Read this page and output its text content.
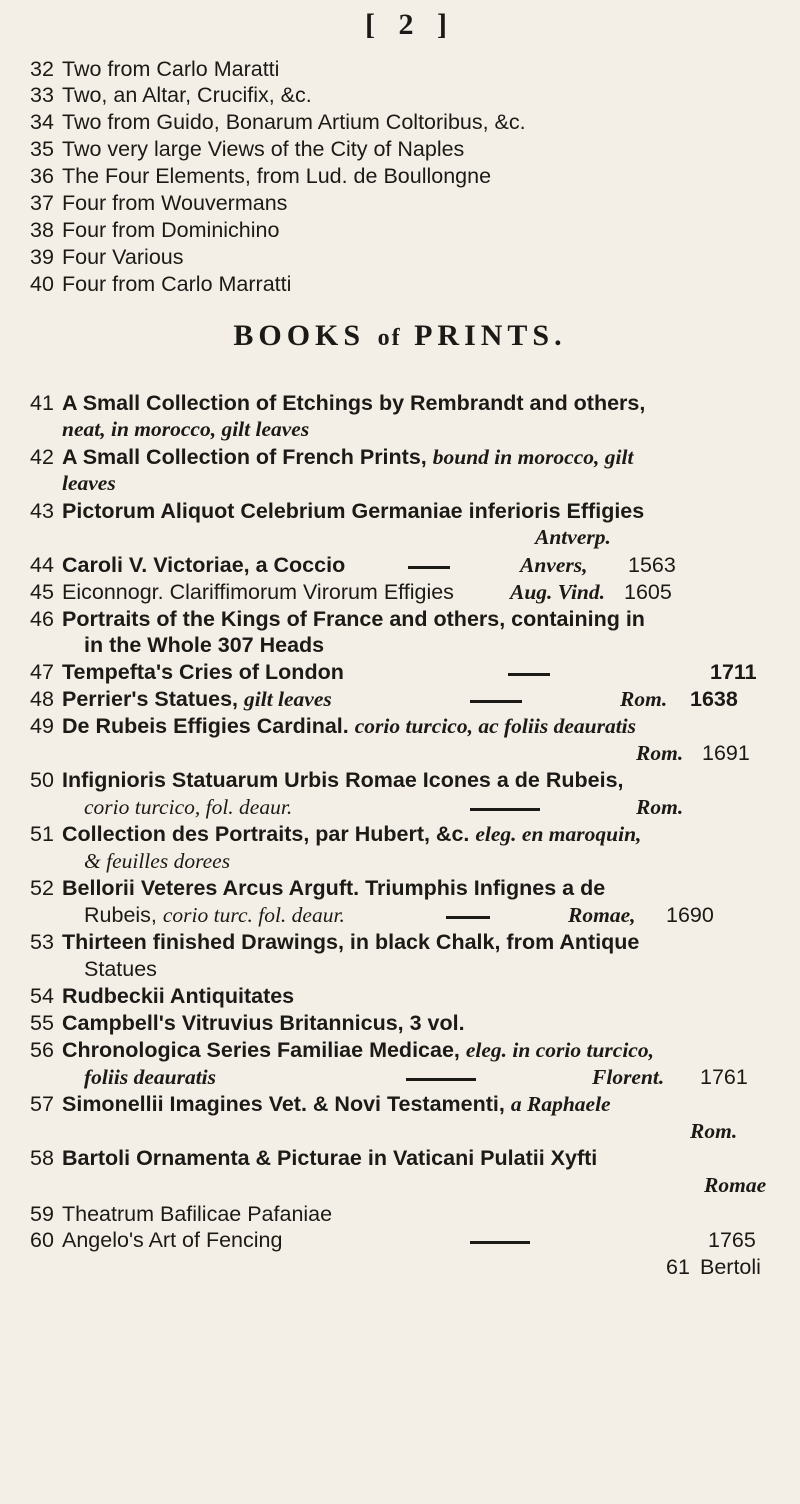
[ 2 ]
32 Two from Carlo Maratti
33 Two, an Altar, Crucifix, &c.
34 Two from Guido, Bonarum Artium Coltoribus, &c.
35 Two very large Views of the City of Naples
36 The Four Elements, from Lud. de Boullongne
37 Four from Wouvermans
38 Four from Dominichino
39 Four Various
40 Four from Carlo Marratti
BOOKS of PRINTS.
41 A Small Collection of Etchings by Rembrandt and others,
neat, in morocco, gilt leaves
42 A Small Collection of French Prints, bound in morocco, gilt
leaves
43 Pictorum Aliquot Celebrium Germaniae inferioris Effigies
Antverp.
44 Caroli V. Victoriae, a Coccio	Anvers, 1563
45 Eiconnogr. Clariffimorum Virorum Effigies	Aug. Vind. 1605
46 Portraits of the Kings of France and others, containing in
in the Whole 307 Heads
47 Tempefta's Cries of London	1711
48 Perrier's Statues, gilt leaves	Rom. 1638
49 De Rubeis Effigies Cardinal. corio turcico, ac foliis deauratis
Rom. 1691
50 Infignioris Statuarum Urbis Romae Icones a de Rubeis,
corio turcico, fol. deaur.	Rom.
51 Collection des Portraits, par Hubert, &c. eleg. en maroquin,
& feuilles dorees
52 Bellorii Veteres Arcus Arguft. Triumphis Infignes a de
Rubeis, corio turc. fol. deaur.	Romae, 1690
53 Thirteen finished Drawings, in black Chalk, from Antique
Statues
54 Rudbeckii Antiquitates
55 Campbell's Vitruvius Britannicus, 3 vol.
56 Chronologica Series Familiae Medicae, eleg. in corio turcico,
foliis deauratis	Florent. 1761
57 Simonellii Imagines Vet. & Novi Testamenti, a Raphaele
Rom.
58 Bartoli Ornamenta & Picturae in Vaticani Pulatii Xyfti
Romae
59 Theatrum Bafilicae Pafaniae
60 Angelo's Art of Fencing	1765
61 Bertoli
